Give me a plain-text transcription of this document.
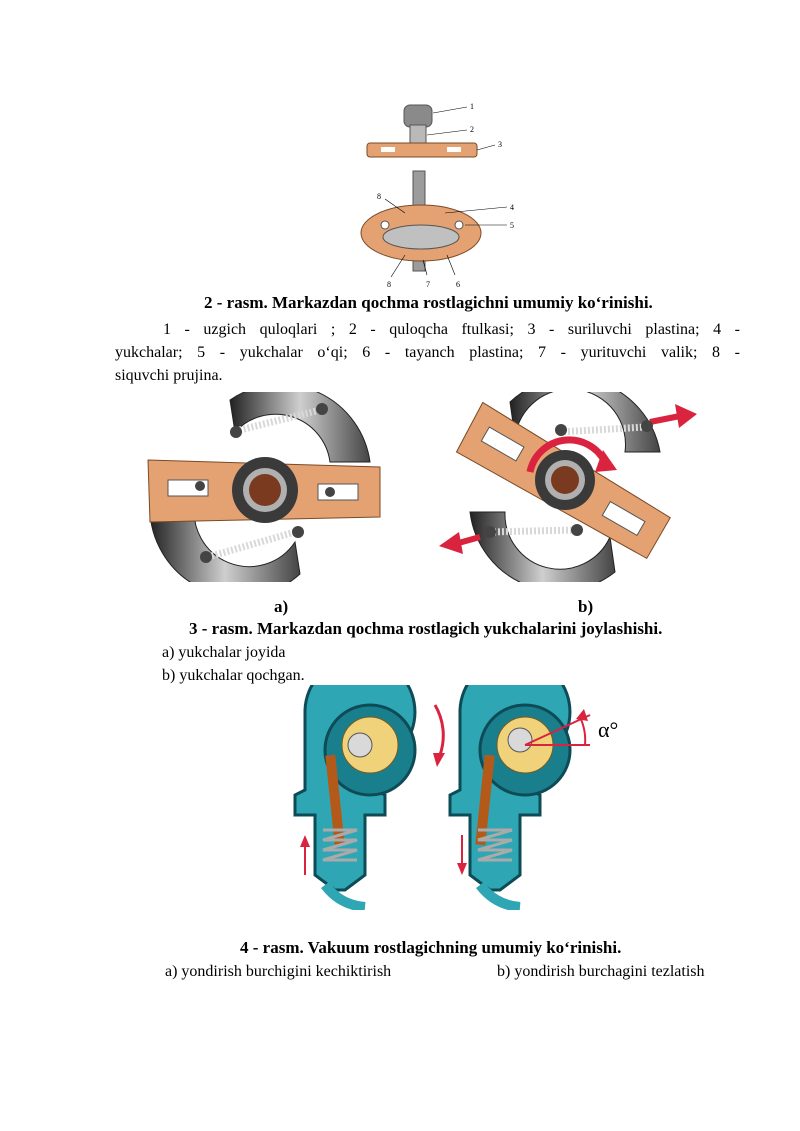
1
2
3
4
5
6
7
8
8
2 - rasm. Markazdan qochma rostlagichni umumiy ko‘rinishi.
1 - uzgich quloqlari ; 2 - quloqcha ftulkasi; 3 - suriluvchi plastina; 4 -
yukchalar; 5 - yukchalar o‘qi; 6 - tayanch plastina; 7 - yurituvchi valik; 8 -
siquvchi prujina.
a)	b)
3 - rasm. Markazdan qochma rostlagich yukchalarini joylashishi.
a) yukchalar joyida
b) yukchalar qochgan.
α°
4 - rasm. Vakuum rostlagichning umumiy ko‘rinishi.
a) yondirish burchigini kechiktirish	b) yondirish burchagini tezlatish
